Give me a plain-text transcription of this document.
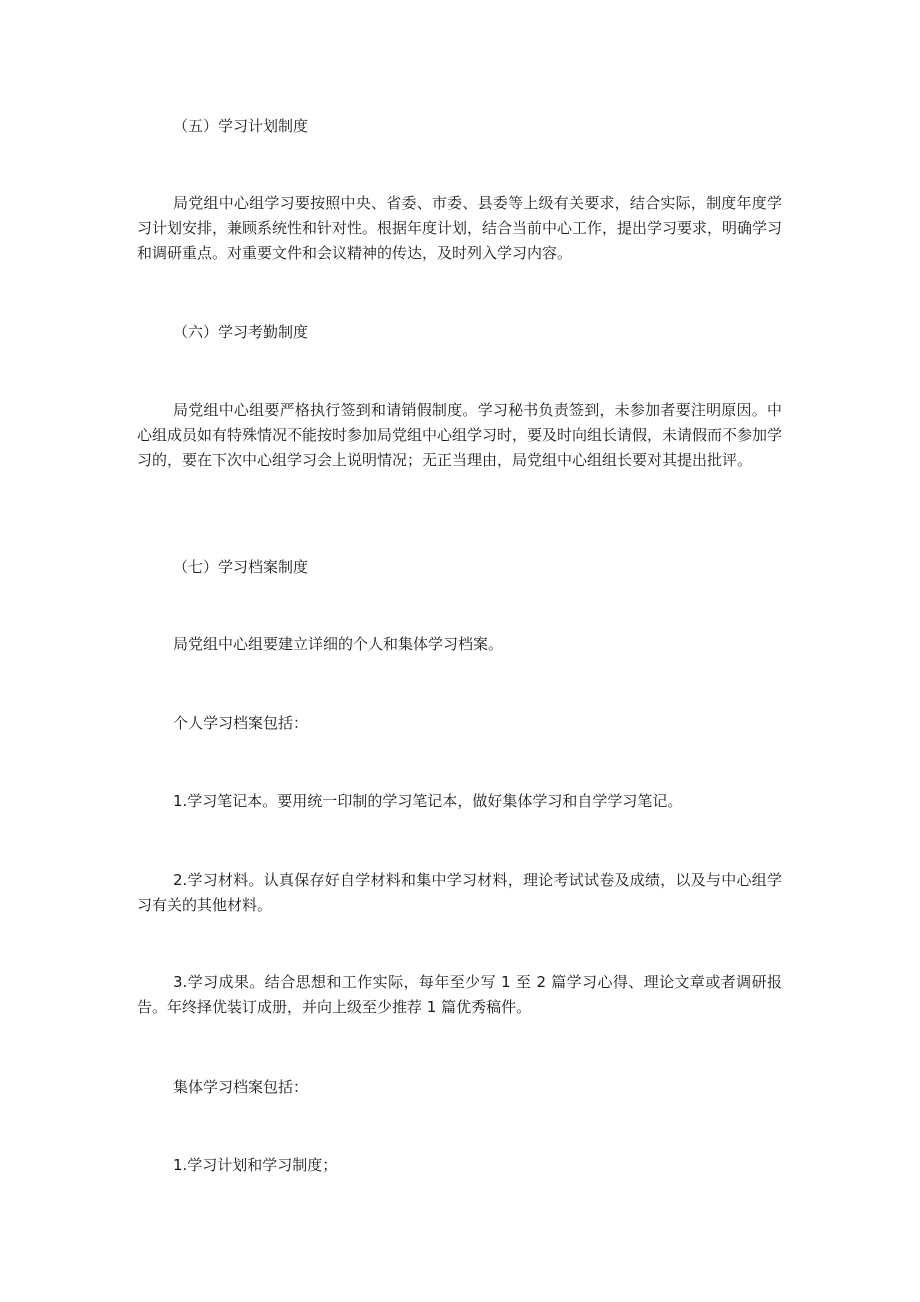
（五）学习计划制度

局党组中心组学习要按照中央、省委、市委、县委等上级有关要求，结合实际，制度年度学习计划安排，兼顾系统性和针对性。根据年度计划，结合当前中心工作，提出学习要求，明确学习和调研重点。对重要文件和会议精神的传达，及时列入学习内容。

（六）学习考勤制度

局党组中心组要严格执行签到和请销假制度。学习秘书负责签到，未参加者要注明原因。中心组成员如有特殊情况不能按时参加局党组中心组学习时，要及时向组长请假，未请假而不参加学习的，要在下次中心组学习会上说明情况；无正当理由，局党组中心组组长要对其提出批评。

（七）学习档案制度

局党组中心组要建立详细的个人和集体学习档案。

个人学习档案包括：

1.学习笔记本。要用统一印制的学习笔记本，做好集体学习和自学学习笔记。

2.学习材料。认真保存好自学材料和集中学习材料，理论考试试卷及成绩，以及与中心组学习有关的其他材料。

3.学习成果。结合思想和工作实际，每年至少写 1 至 2 篇学习心得、理论文章或者调研报告。年终择优装订成册，并向上级至少推荐 1 篇优秀稿件。

集体学习档案包括：

1.学习计划和学习制度；
